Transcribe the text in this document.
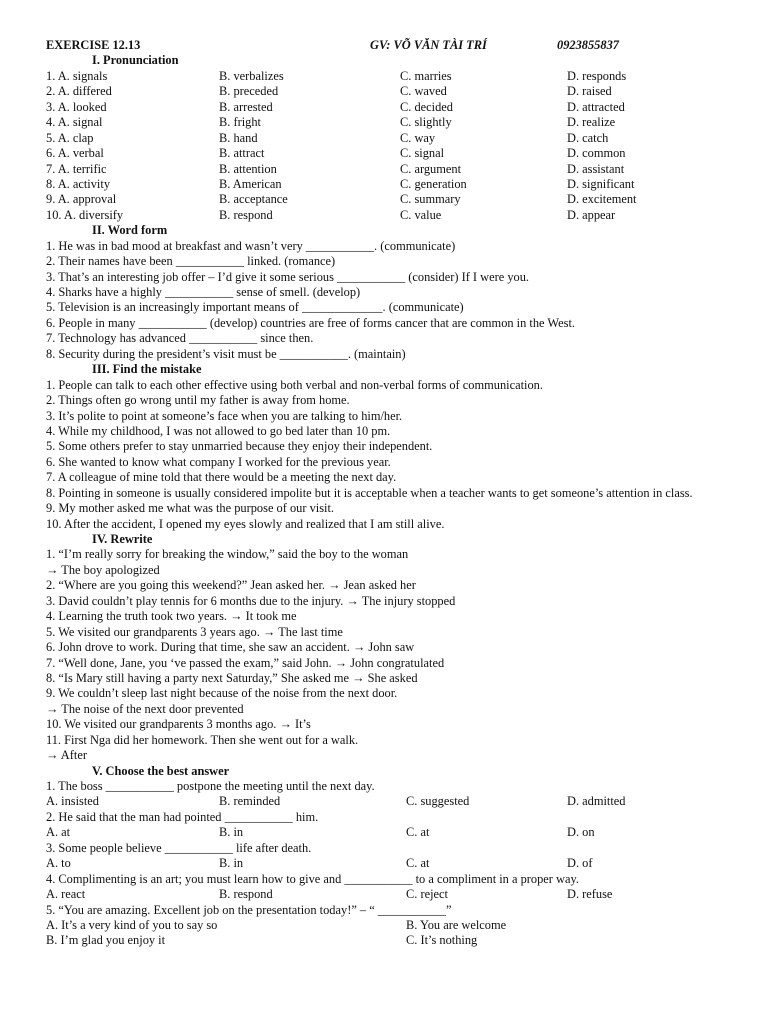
EXERCISE 12.13	GV: VÕ VĂN TÀI TRÍ	0923855837
I. Pronunciation
1. A. signals	B. verbalizes	C. marries	D. responds
2. A. differed	B. preceded	C. waved	D. raised
3. A. looked	B. arrested	C. decided	D. attracted
4. A. signal	B. fright	C. slightly	D. realize
5. A. clap	B. hand	C. way	D. catch
6. A. verbal	B. attract	C. signal	D. common
7. A. terrific	B. attention	C. argument	D. assistant
8. A. activity	B. American	C. generation	D. significant
9. A. approval	B. acceptance	C. summary	D. excitement
10. A. diversify	B. respond	C. value	D. appear
II. Word form
1. He was in bad mood at breakfast and wasn’t very ___________. (communicate)
2. Their names have been ___________ linked. (romance)
3. That’s an interesting job offer – I’d give it some serious ___________ (consider) If I were you.
4. Sharks have a highly ___________ sense of smell. (develop)
5. Television is an increasingly important means of _____________. (communicate)
6. People in many ___________ (develop) countries are free of forms cancer that are common in the West.
7. Technology has advanced ___________ since then.
8. Security during the president’s visit must be ___________. (maintain)
III. Find the mistake
1. People can talk to each other effective using both verbal and non-verbal forms of communication.
2. Things often go wrong until my father is away from home.
3. It’s polite to point at someone’s face when you are talking to him/her.
4. While my childhood, I was not allowed to go bed later than 10 pm.
5. Some others prefer to stay unmarried because they enjoy their independent.
6. She wanted to know what company I worked for the previous year.
7. A colleague of mine told that there would be a meeting the next day.
8. Pointing in someone is usually considered impolite but it is acceptable when a teacher wants to get someone’s attention in class.
9. My mother asked me what was the purpose of our visit.
10. After the accident, I opened my eyes slowly and realized that I am still alive.
IV. Rewrite
1. “I’m really sorry for breaking the window,” said the boy to the woman
→ The boy apologized
2. “Where are you going this weekend?” Jean asked her. → Jean asked her
3. David couldn’t play tennis for 6 months due to the injury. → The injury stopped
4. Learning the truth took two years. → It took me
5. We visited our grandparents 3 years ago. → The last time
6. John drove to work. During that time, she saw an accident. → John saw
7. “Well done, Jane, you ‘ve passed the exam,” said John. → John congratulated
8. “Is Mary still having a party next Saturday,” She asked me → She asked
9. We couldn’t sleep last night because of the noise from the next door.
→ The noise of the next door prevented
10. We visited our grandparents 3 months ago. → It’s
11. First Nga did her homework. Then she went out for a walk.
→ After
V. Choose the best answer
1. The boss ___________ postpone the meeting until the next day.
A. insisted	B. reminded	C. suggested	D. admitted
2. He said that the man had pointed ___________ him.
A. at	B. in	C. at	D. on
3. Some people believe ___________ life after death.
A. to	B. in	C. at	D. of
4. Complimenting is an art; you must learn how to give and ___________ to a compliment in a proper way.
A. react	B. respond	C. reject	D. refuse
5. “You are amazing. Excellent job on the presentation today!” – “ ___________”
A. It’s a very kind of you to say so	B. You are welcome
B. I’m glad you enjoy it	C. It’s nothing
